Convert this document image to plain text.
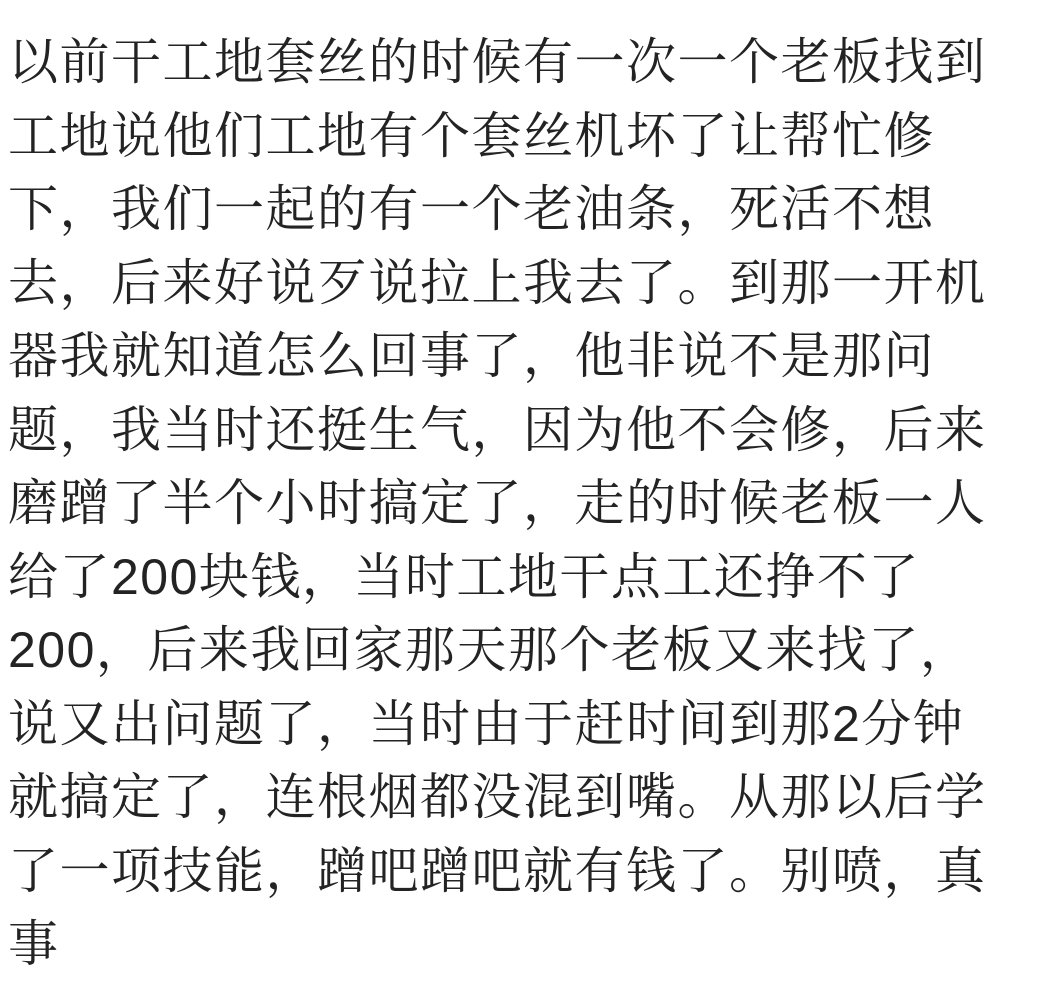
以前干工地套丝的时候有一次一个老板找到
工地说他们工地有个套丝机坏了让帮忙修
下，我们一起的有一个老油条，死活不想
去，后来好说歹说拉上我去了。到那一开机
器我就知道怎么回事了，他非说不是那问
题，我当时还挺生气，因为他不会修，后来
磨蹭了半个小时搞定了，走的时候老板一人
给了200块钱，当时工地干点工还挣不了
200，后来我回家那天那个老板又来找了，
说又出问题了，当时由于赶时间到那2分钟
就搞定了，连根烟都没混到嘴。从那以后学
了一项技能，蹭吧蹭吧就有钱了。别喷，真
事
